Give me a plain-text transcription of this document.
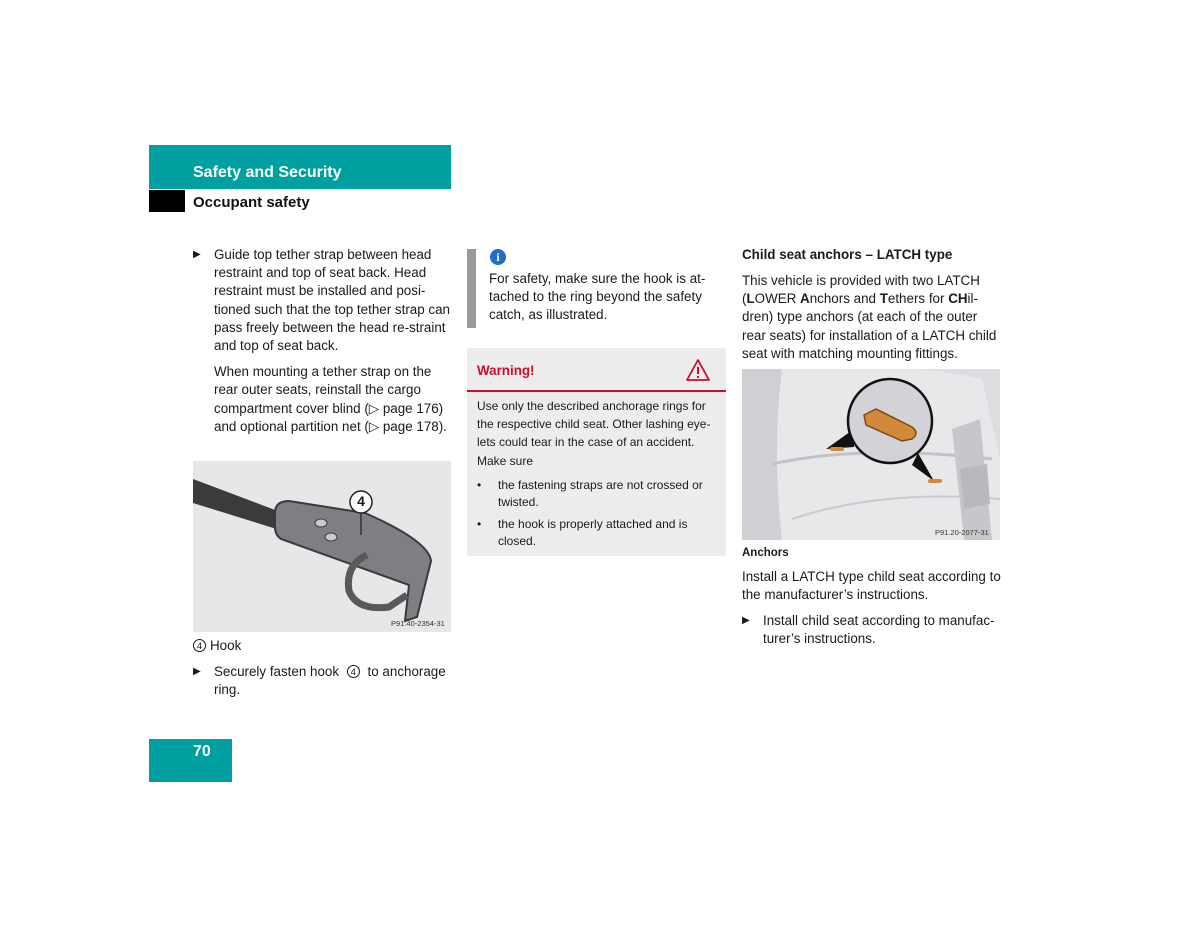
Safety and Security
Occupant safety
▶ Guide top tether strap between head restraint and top of seat back. Head restraint must be installed and posi-tioned such that the top tether strap can pass freely between the head re-straint and top of seat back.
When mounting a tether strap on the rear outer seats, reinstall the cargo compartment cover blind (▷ page 176) and optional partition net (▷ page 178).
4
P91.40-2354-31
4 Hook
▶ Securely fasten hook 4 to anchorage ring.
i
For safety, make sure the hook is at-tached to the ring beyond the safety catch, as illustrated.
Warning!
Use only the described anchorage rings for the respective child seat. Other lashing eye-lets could tear in the case of an accident. Make sure
•	the fastening straps are not crossed or twisted.
•	the hook is properly attached and is closed.
Child seat anchors – LATCH type
This vehicle is provided with two LATCH (LOWER Anchors and Tethers for CHil-dren) type anchors (at each of the outer rear seats) for installation of a LATCH child seat with matching mounting fittings.
P91.20-2077-31
Anchors
Install a LATCH type child seat according to the manufacturer’s instructions.
▶ Install child seat according to manufac-turer’s instructions.
70
